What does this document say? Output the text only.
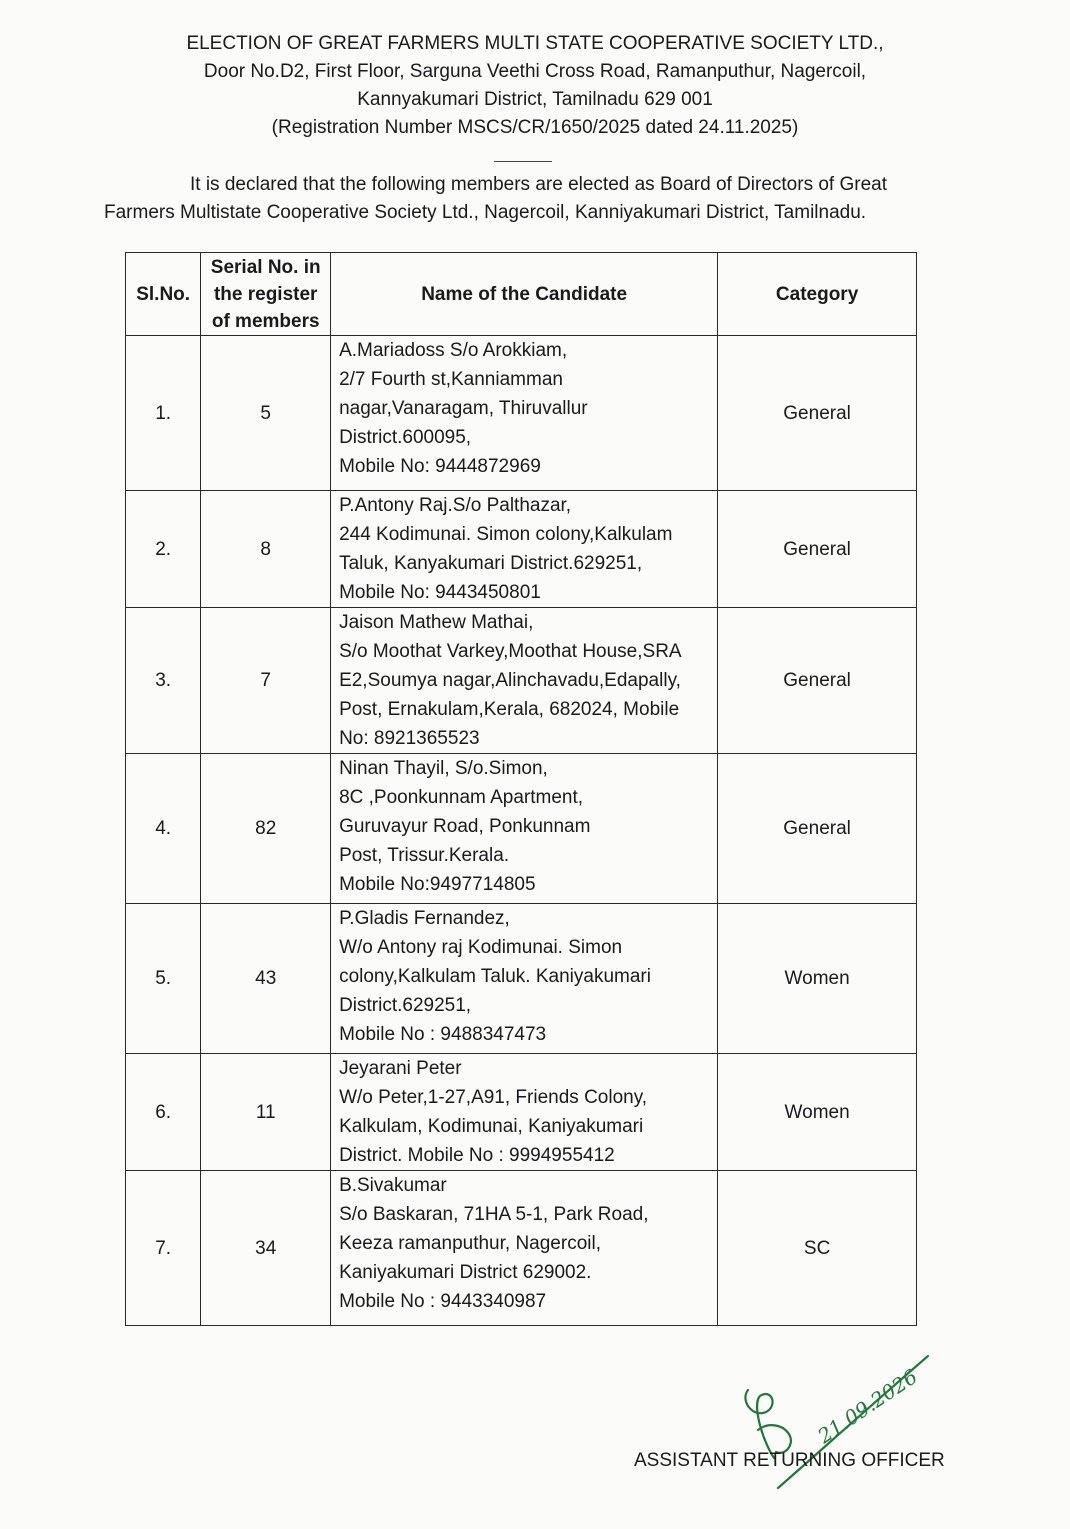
ELECTION OF GREAT FARMERS MULTI STATE COOPERATIVE SOCIETY LTD.,
Door No.D2, First Floor, Sarguna Veethi Cross Road, Ramanputhur, Nagercoil,
Kannyakumari District, Tamilnadu 629 001
(Registration Number MSCS/CR/1650/2025 dated 24.11.2025)
It is declared that the following members are elected as Board of Directors of Great
Farmers Multistate Cooperative Society Ltd., Nagercoil, Kanniyakumari District, Tamilnadu.
Sl.No.	Serial No. in the register of members	Name of the Candidate	Category
1.	5	A.Mariadoss S/o Arokkiam,
2/7 Fourth st,Kanniamman
nagar,Vanaragam, Thiruvallur
District.600095,
Mobile No: 9444872969	General
2.	8	P.Antony Raj.S/o Palthazar,
244 Kodimunai. Simon colony,Kalkulam
Taluk, Kanyakumari District.629251,
Mobile No: 9443450801	General
3.	7	Jaison Mathew Mathai,
S/o Moothat Varkey,Moothat House,SRA
E2,Soumya nagar,Alinchavadu,Edapally,
Post, Ernakulam,Kerala, 682024, Mobile
No: 8921365523	General
4.	82	Ninan Thayil, S/o.Simon,
8C ,Poonkunnam Apartment,
Guruvayur Road, Ponkunnam
Post, Trissur.Kerala.
Mobile No:9497714805	General
5.	43	P.Gladis Fernandez,
W/o Antony raj Kodimunai. Simon
colony,Kalkulam Taluk. Kaniyakumari
District.629251,
Mobile No : 9488347473	Women
6.	11	Jeyarani Peter
W/o Peter,1-27,A91, Friends Colony,
Kalkulam, Kodimunai, Kaniyakumari
District. Mobile No : 9994955412	Women
7.	34	B.Sivakumar
S/o Baskaran, 71HA 5-1, Park Road,
Keeza ramanputhur, Nagercoil,
Kaniyakumari District 629002.
Mobile No : 9443340987	SC
21.09.2026
ASSISTANT RETURNING OFFICER
